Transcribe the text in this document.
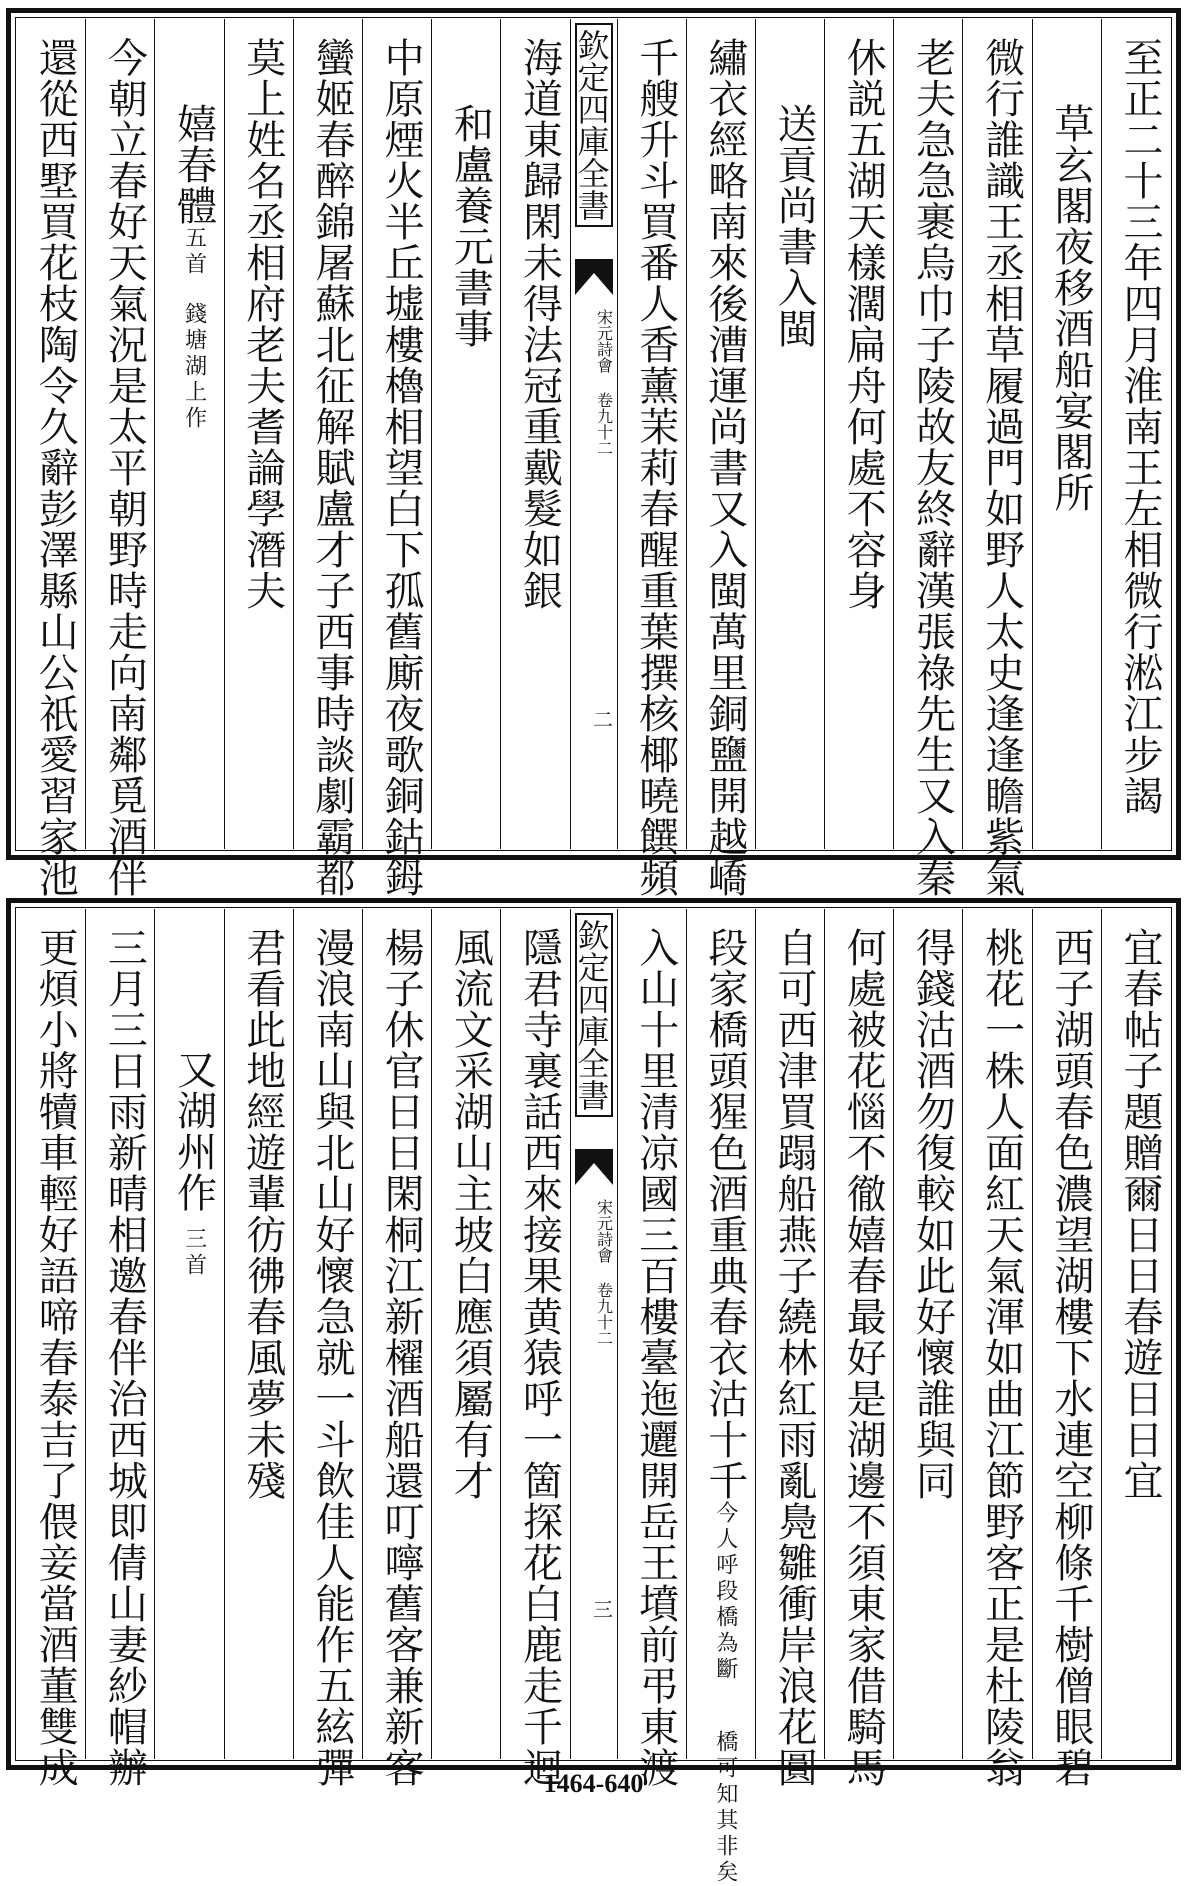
至正二十三年四月淮南王左相微行淞江步謁
草玄閣夜移酒船宴閣所
微行誰識王丞相草履過門如野人太史逢逢瞻紫氣
老夫急急裹烏巾子陵故友終辭漢張祿先生又入秦
休説五湖天樣濶扁舟何處不容身
送貢尚書入閩
繡衣經略南來後漕運尚書又入閩萬里銅鹽開越嶠
千艘升斗買番人香薰茉莉春醒重葉撰核椰曉饌頻
欽定四庫全書
宋元詩會 卷九十二
二
海道東歸閑未得法冠重戴髮如銀
和盧養元書事
中原煙火半丘墟樓櫓相望白下孤舊廝夜歌銅鈷鉧
蠻姬春醉錦屠蘇北征解賦盧才子西事時談劇霸都
莫上姓名丞相府老夫耆論學潛夫
嬉春體五首錢塘湖上作
今朝立春好天氣況是太平朝野時走向南鄰覓酒伴
還從西墅買花枝陶令久辭彭澤縣山公祇愛習家池
宜春帖子題贈爾日日春遊日日宜
西子湖頭春色濃望湖樓下水連空柳條千樹僧眼碧
桃花一株人面紅天氣渾如曲江節野客正是杜陵翁
得錢沽酒勿復較如此好懷誰與同
何處被花惱不徹嬉春最好是湖邊不須東家借騎馬
自可西津買蹋船燕子繞林紅雨亂鳧雛衝岸浪花圓
段家橋頭猩色酒重典春衣沽十千今人呼段橋為斷 橋可知其非矣
入山十里清凉國三百樓臺迤邐開岳王墳前弔東渡
欽定四庫全書
宋元詩會 卷九十二
三
隱君寺裏話西來接果黄猿呼一箇探花白鹿走千迴
風流文采湖山主坡白應須屬有才
楊子休官日日閑桐江新櫂酒船還叮嚀舊客兼新客
漫浪南山與北山好懷急就一斗飲佳人能作五絃彈
君看此地經遊輩彷彿春風夢未殘
又湖州作三首
三月三日雨新晴相邀春伴治西城即倩山妻紗帽辦
更煩小將犢車輕好語啼春泰吉了偎妾當酒董雙成	1464-640
